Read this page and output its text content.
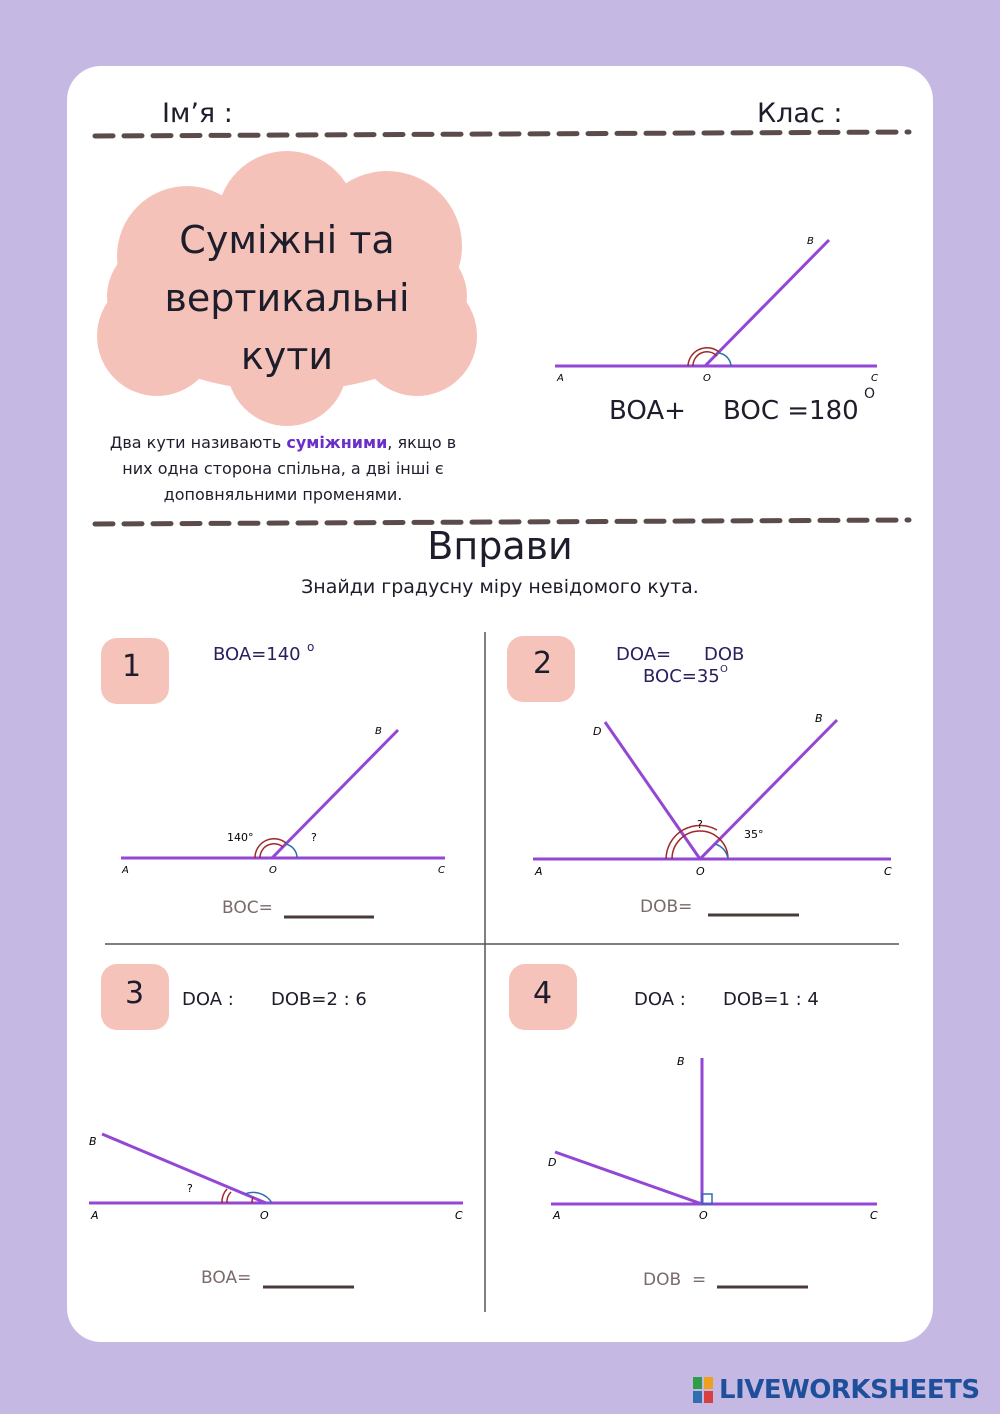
Ім’я :	Клас :
A	O	C
B
140°	?
A	O	C
B
?
35°
A	O	C
B
D
?
A	O	C
B
A	O	C
B
D
Суміжні та
вертикальні
кути
Два кути називають суміжними, якщо в них одна сторона спільна, а дві інші є доповняльними променями.
BOA+ BOC =180
O
Вправи
Знайди градусну міру невідомого кута.
1	BOA=140 o
BOC=
2	DOA= DOB
BOC=35 O
DOB=
3 DOA : DOB=2 : 6
BOA=
4	DOA : DOB=1 : 4
DOB  =
LIVEWORKSHEETS
